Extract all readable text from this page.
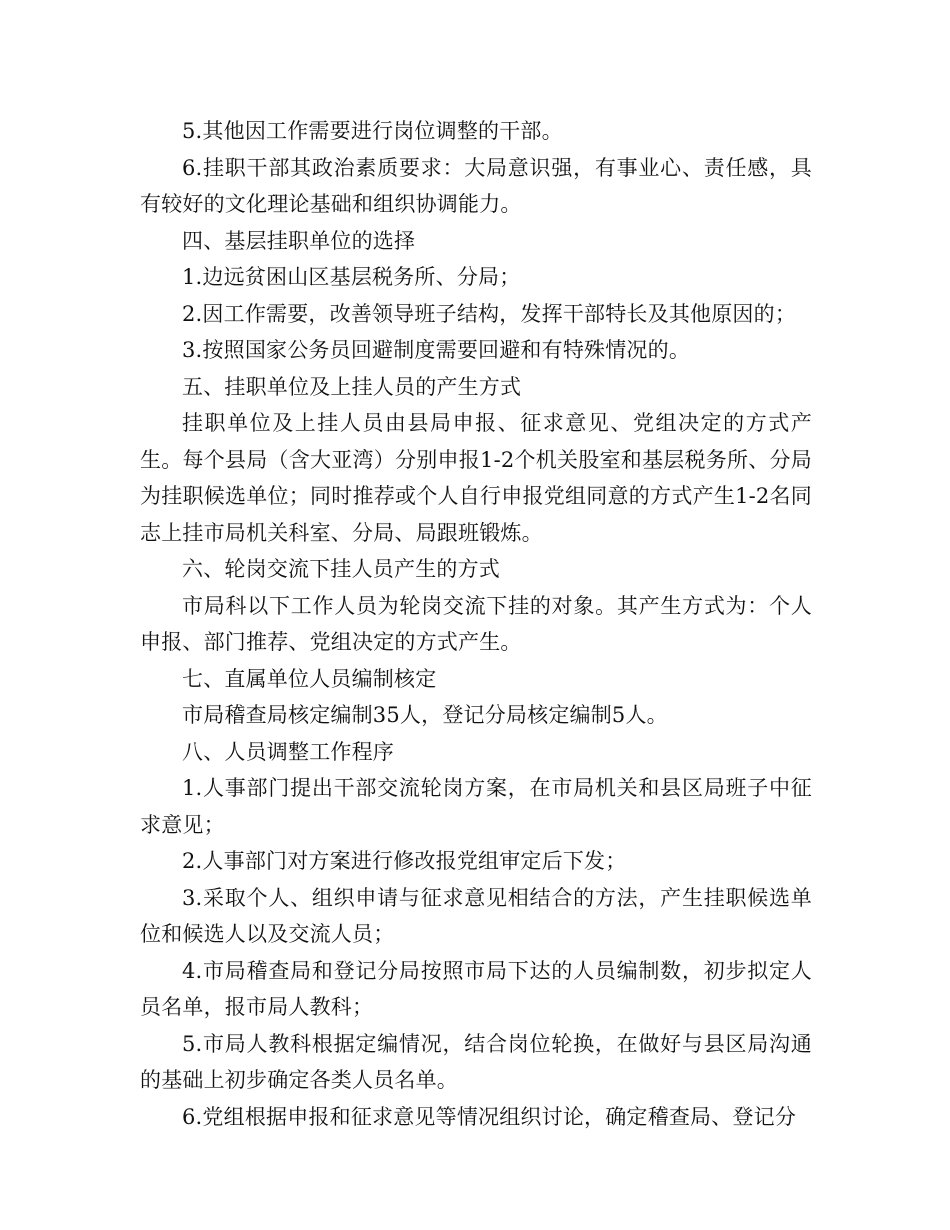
5.其他因工作需要进行岗位调整的干部。

6.挂职干部其政治素质要求：大局意识强，有事业心、责任感，具有较好的文化理论基础和组织协调能力。

四、基层挂职单位的选择

1.边远贫困山区基层税务所、分局；

2.因工作需要，改善领导班子结构，发挥干部特长及其他原因的；

3.按照国家公务员回避制度需要回避和有特殊情况的。

五、挂职单位及上挂人员的产生方式

挂职单位及上挂人员由县局申报、征求意见、党组决定的方式产生。每个县局（含大亚湾）分别申报1-2个机关股室和基层税务所、分局为挂职候选单位；同时推荐或个人自行申报党组同意的方式产生1-2名同志上挂市局机关科室、分局、局跟班锻炼。

六、轮岗交流下挂人员产生的方式

市局科以下工作人员为轮岗交流下挂的对象。其产生方式为：个人申报、部门推荐、党组决定的方式产生。

七、直属单位人员编制核定

市局稽查局核定编制35人，登记分局核定编制5人。

八、人员调整工作程序

1.人事部门提出干部交流轮岗方案，在市局机关和县区局班子中征求意见；

2.人事部门对方案进行修改报党组审定后下发；

3.采取个人、组织申请与征求意见相结合的方法，产生挂职候选单位和候选人以及交流人员；

4.市局稽查局和登记分局按照市局下达的人员编制数，初步拟定人员名单，报市局人教科；

5.市局人教科根据定编情况，结合岗位轮换，在做好与县区局沟通的基础上初步确定各类人员名单。

6.党组根据申报和征求意见等情况组织讨论，确定稽查局、登记分
